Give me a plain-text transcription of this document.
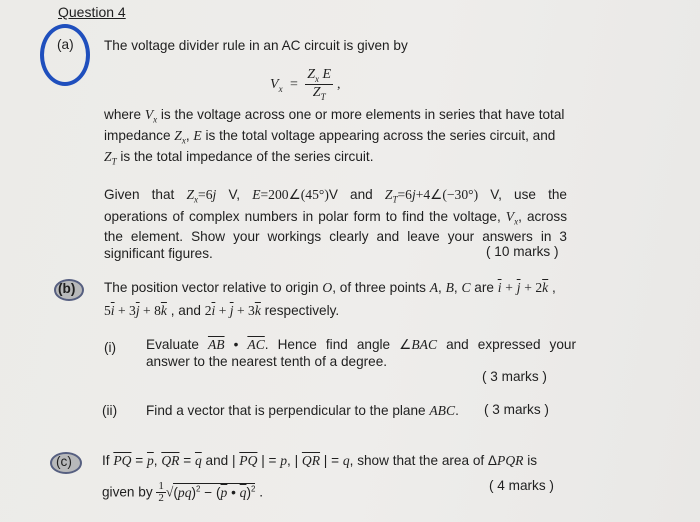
Question 4
(a) The voltage divider rule in an AC circuit is given by
$V_x = \frac{Z_x E}{Z_T}$ ,
where $V_x$ is the voltage across one or more elements in series that have total
impedance $Z_x$, E is the total voltage appearing across the series circuit, and
$Z_T$ is the total impedance of the series circuit.
Given that $Z_x=6j$ V, E=200∠(45°)V and $Z_T=6j+4\angle(-30^\circ)$ V, use the
operations of complex numbers in polar form to find the voltage, $V_x$, across
the element. Show your workings clearly and leave your answers in 3
significant figures.	( 10 marks )
(b) The position vector relative to origin O, of three points A, B, C are $\overline{i} + \overline{j} + 2\overline{k}$ ,
$5\overline{i} + 3\overline{j} + 8\overline{k}$ , and $2\overline{i} + \overline{j} + 3\overline{k}$ respectively.
(i) Evaluate $\overline{AB}$ • $\overline{AC}$. Hence find angle ∠BAC and expressed your
answer to the nearest tenth of a degree.
( 3 marks )
(ii) Find a vector that is perpendicular to the plane ABC. ( 3 marks )
(c) If $\overline{PQ} = \overline{p}$, $\overline{QR} = \overline{q}$ and | $\overline{PQ}$ | = p, | $\overline{QR}$ | = q, show that the area of ΔPQR is
given by $\frac{1}{2} √(pq)^2 - (\overline{p}$ • $\overline{q})^2$ .	( 4 marks )
